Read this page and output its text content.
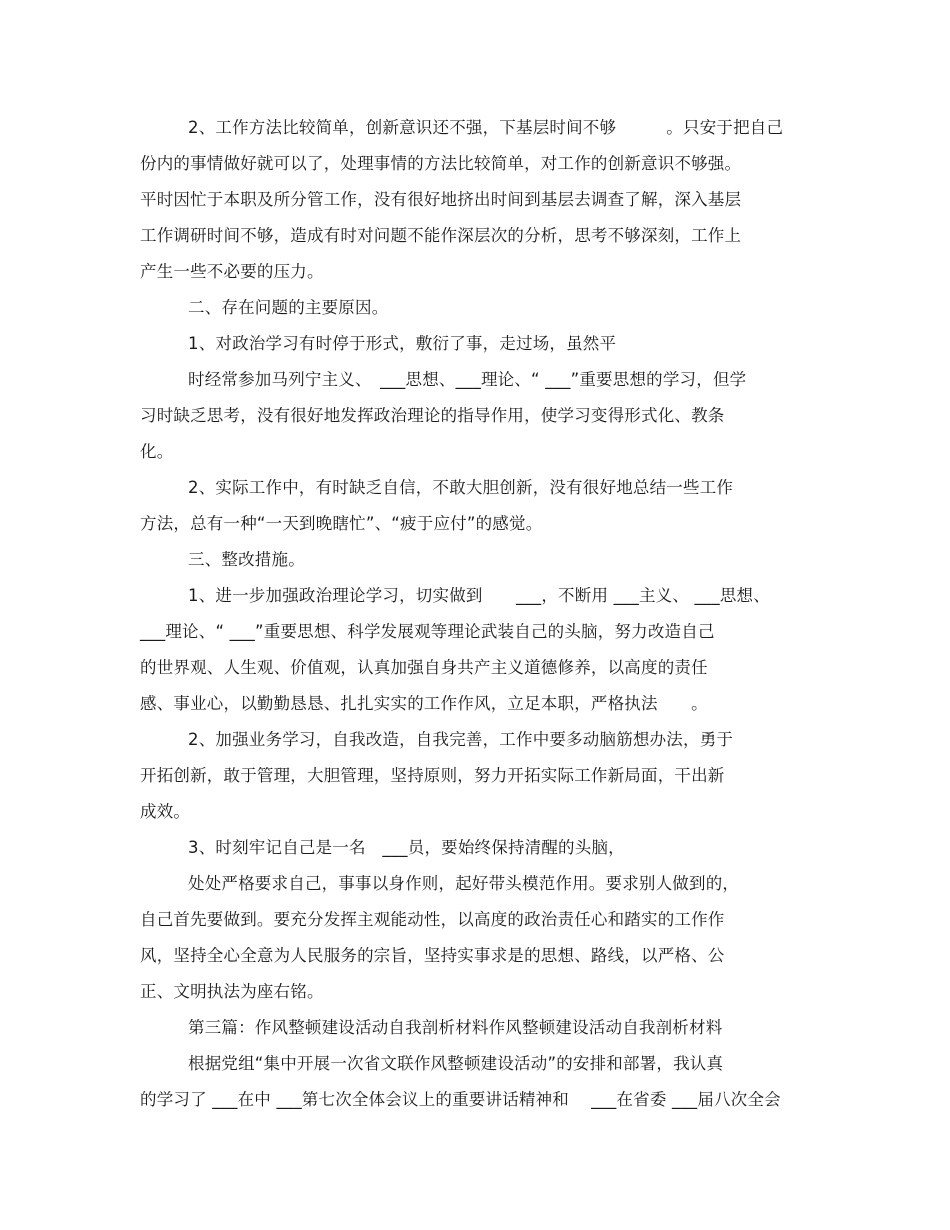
2、工作方法比较简单，创新意识还不强，下基层时间不够　　　。只安于把自己
份内的事情做好就可以了，处理事情的方法比较简单，对工作的创新意识不够强。
平时因忙于本职及所分管工作，没有很好地挤出时间到基层去调查了解，深入基层
工作调研时间不够，造成有时对问题不能作深层次的分析，思考不够深刻，工作上
产生一些不必要的压力。
二、存在问题的主要原因。
1、对政治学习有时停于形式，敷衍了事，走过场，虽然平
时经常参加马列宁主义、　___思想、___理论、“ ___”重要思想的学习，但学
习时缺乏思考，没有很好地发挥政治理论的指导作用，使学习变得形式化、教条
化。
2、实际工作中，有时缺乏自信，不敢大胆创新，没有很好地总结一些工作
方法，总有一种“一天到晚瞎忙”、“疲于应付”的感觉。
三、整改措施。
1、进一步加强政治理论学习，切实做到　　___，不断用 ___主义、 ___思想、
___理论、“ ___”重要思想、科学发展观等理论武装自己的头脑，努力改造自己
的世界观、人生观、价值观，认真加强自身共产主义道德修养，以高度的责任
感、事业心，以勤勤恳恳、扎扎实实的工作作风，立足本职，严格执法　　。
2、加强业务学习，自我改造，自我完善，工作中要多动脑筋想办法，勇于
开拓创新，敢于管理，大胆管理，坚持原则，努力开拓实际工作新局面，干出新
成效。
3、时刻牢记自己是一名　___员，要始终保持清醒的头脑，
处处严格要求自己，事事以身作则，起好带头模范作用。要求别人做到的，
自己首先要做到。要充分发挥主观能动性，以高度的政治责任心和踏实的工作作
风，坚持全心全意为人民服务的宗旨，坚持实事求是的思想、路线，以严格、公
正、文明执法为座右铭。
第三篇：作风整顿建设活动自我剖析材料作风整顿建设活动自我剖析材料
根据党组“集中开展一次省文联作风整顿建设活动”的安排和部署，我认真
的学习了 ___在中 ___第七次全体会议上的重要讲话精神和　 ___在省委 ___届八次全会
